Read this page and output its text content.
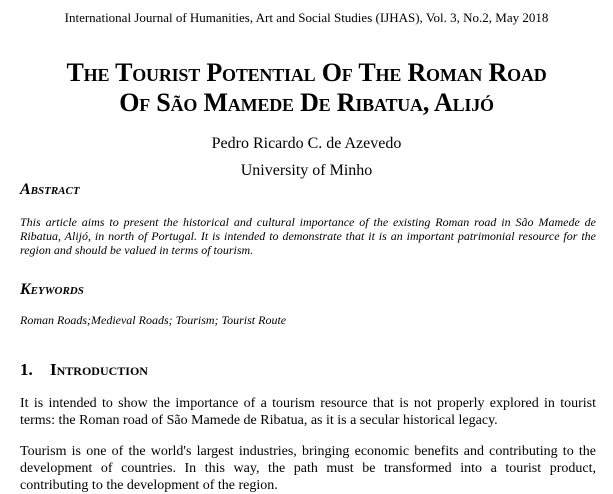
International Journal of Humanities, Art and Social Studies (IJHAS), Vol. 3, No.2, May 2018
The Tourist Potential Of The Roman Road
Of São Mamede De Ribatua, Alijó
Pedro Ricardo C. de Azevedo
University of Minho
Abstract
This article aims to present the historical and cultural importance of the existing Roman road in São Mamede de Ribatua, Alijó, in north of Portugal. It is intended to demonstrate that it is an important patrimonial resource for the region and should be valued in terms of tourism.
Keywords
Roman Roads;Medieval Roads; Tourism; Tourist Route
1. Introduction
It is intended to show the importance of a tourism resource that is not properly explored in tourist terms: the Roman road of São Mamede de Ribatua, as it is a secular historical legacy.
Tourism is one of the world's largest industries, bringing economic benefits and contributing to the development of countries. In this way, the path must be transformed into a tourist product, contributing to the development of the region.
